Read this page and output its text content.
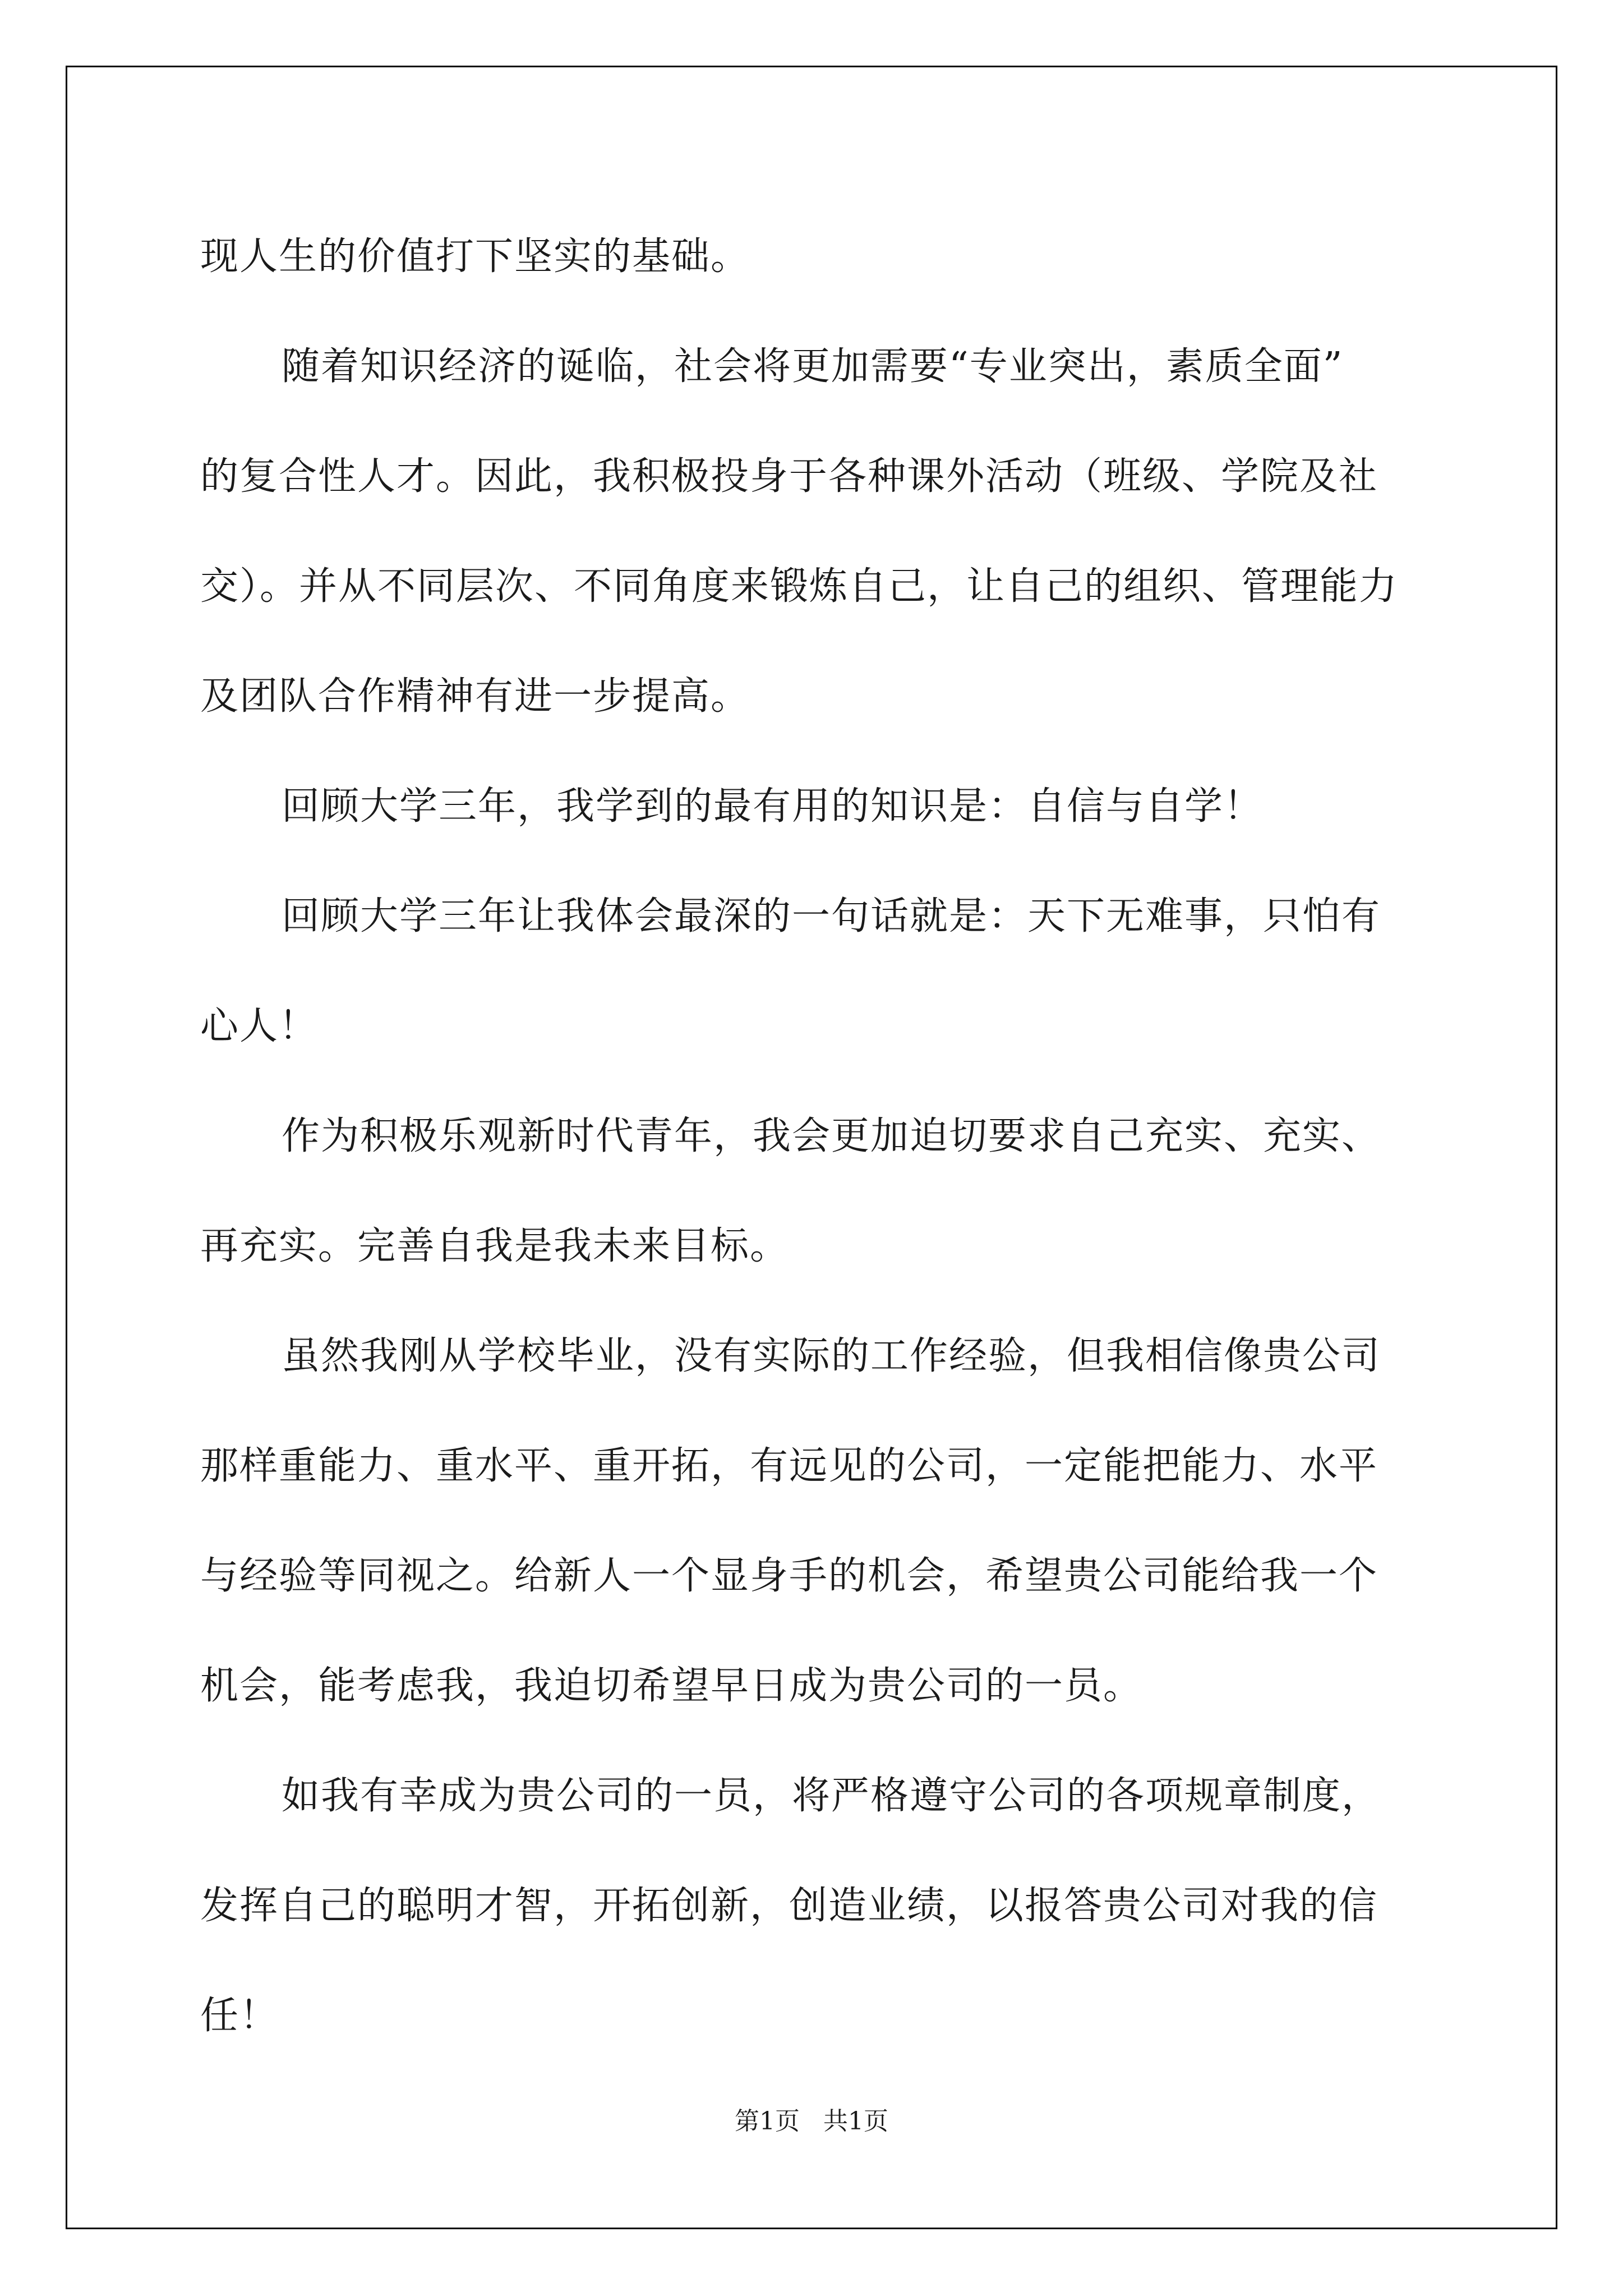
现人生的价值打下坚实的基础。
随着知识经济的诞临，社会将更加需要“专业突出，素质全面”
的复合性人才。因此，我积极投身于各种课外活动（班级、学院及社
交）。并从不同层次、不同角度来锻炼自己，让自己的组织、管理能力
及团队合作精神有进一步提高。
回顾大学三年，我学到的最有用的知识是：自信与自学！
回顾大学三年让我体会最深的一句话就是：天下无难事，只怕有
心人！
作为积极乐观新时代青年，我会更加迫切要求自己充实、充实、
再充实。完善自我是我未来目标。
虽然我刚从学校毕业，没有实际的工作经验，但我相信像贵公司
那样重能力、重水平、重开拓，有远见的公司，一定能把能力、水平
与经验等同视之。给新人一个显身手的机会，希望贵公司能给我一个
机会，能考虑我，我迫切希望早日成为贵公司的一员。
如我有幸成为贵公司的一员，将严格遵守公司的各项规章制度，
发挥自己的聪明才智，开拓创新，创造业绩，以报答贵公司对我的信
任！
第1页   共1页
